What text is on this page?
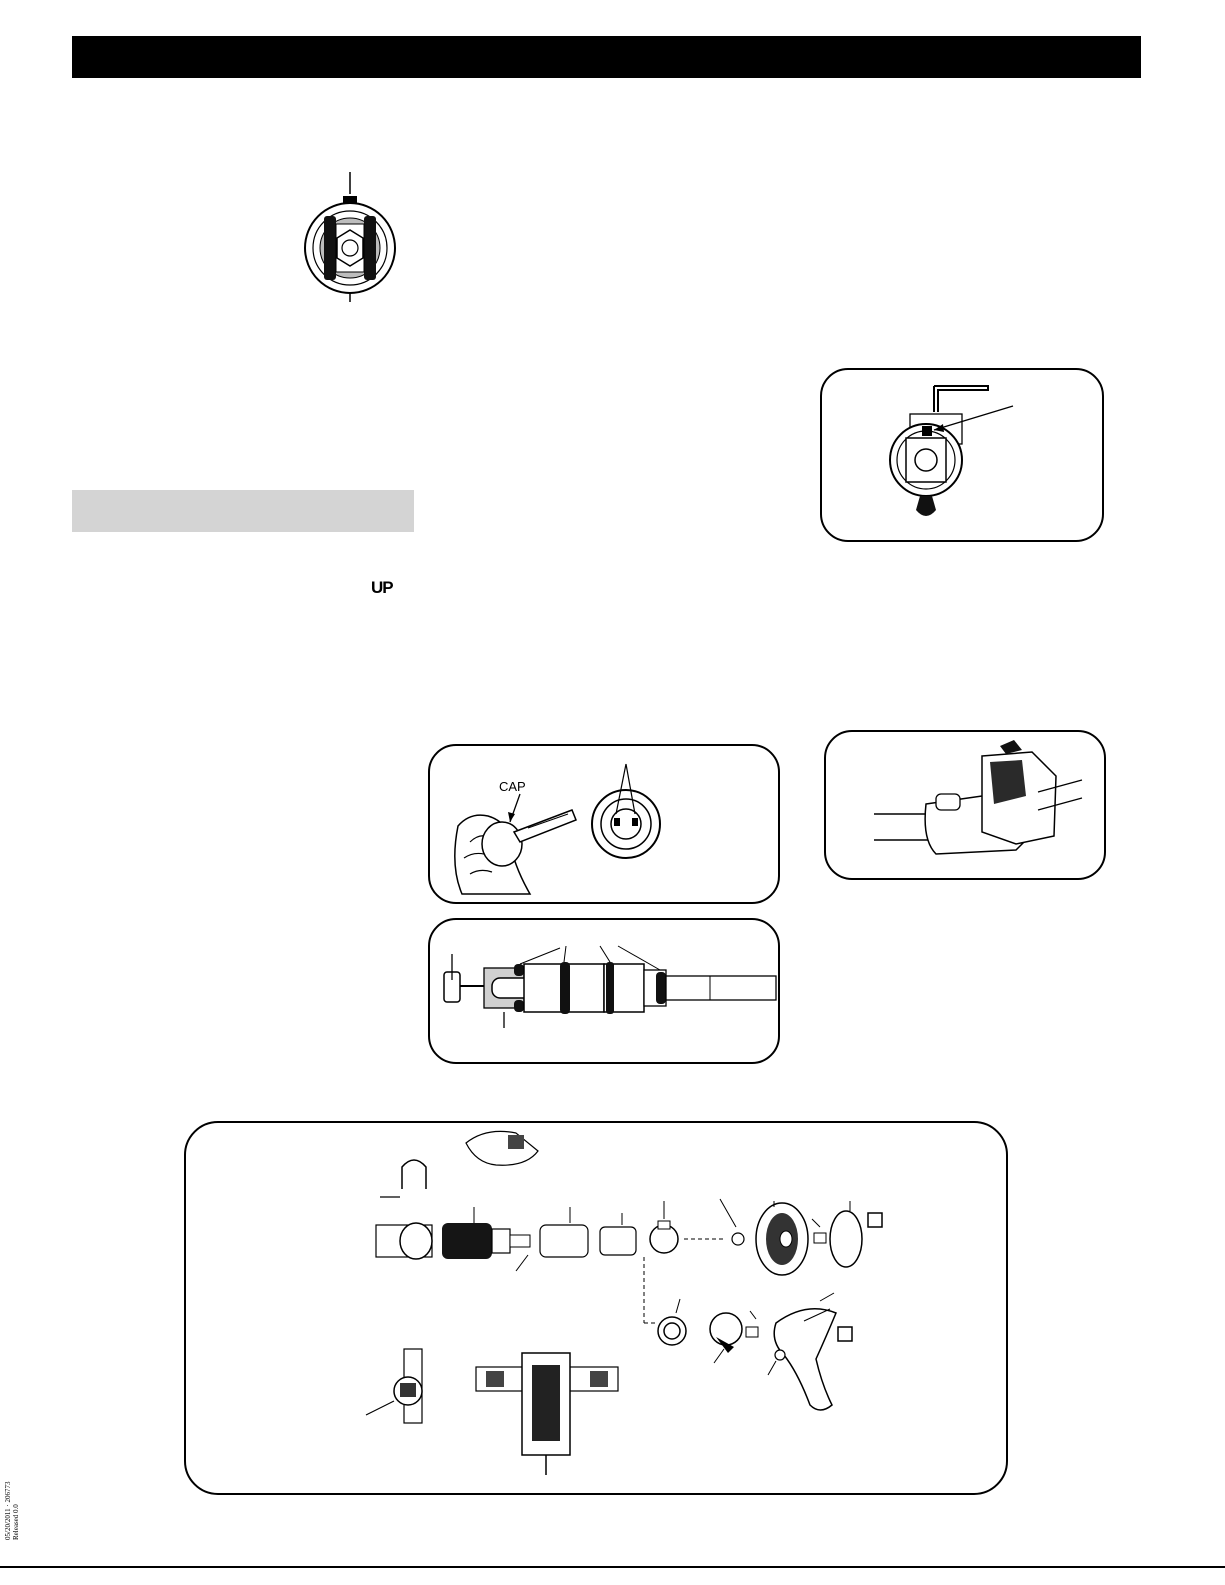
UP
CAP
05/20/2011 · 206773 Released 0.0
